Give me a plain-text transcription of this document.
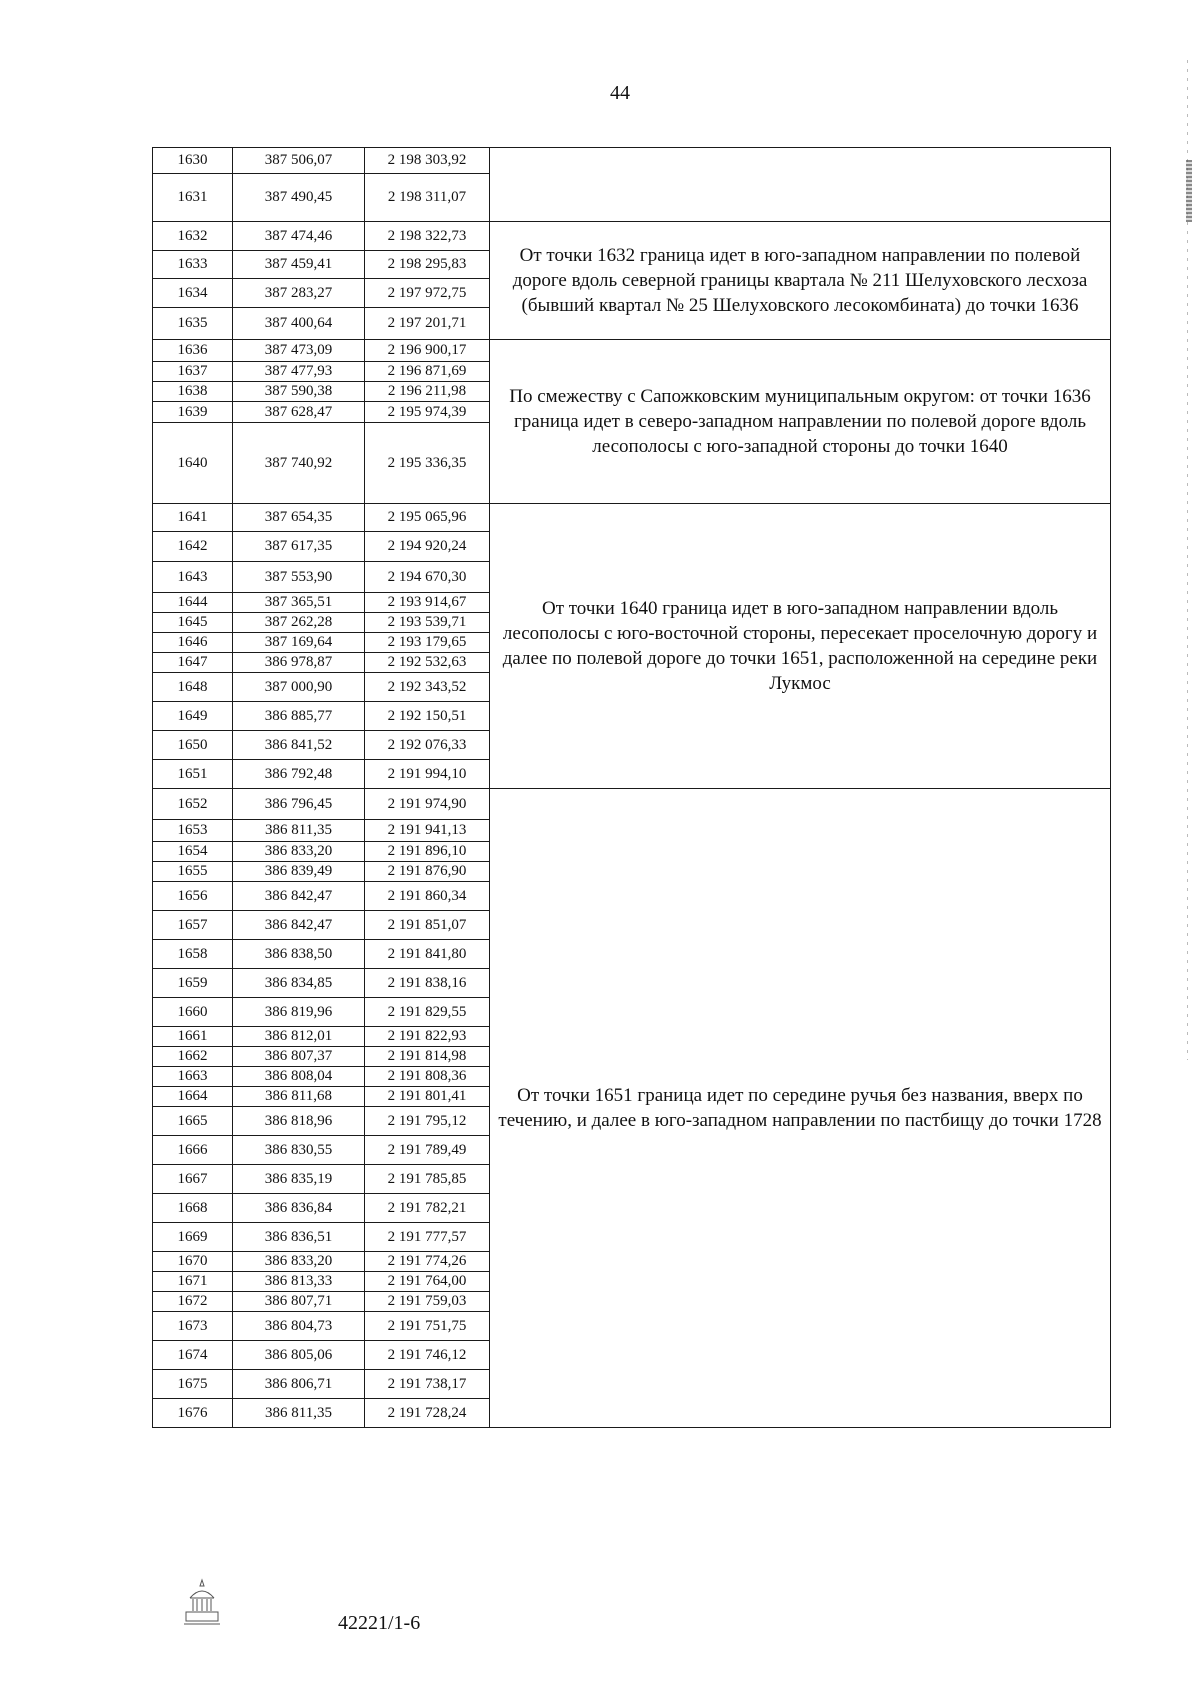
44
1630	387 506,07	2 198 303,92	
1631	387 490,45	2 198 311,07	
1632	387 474,46	2 198 322,73	От точки 1632 граница идет в юго-западном направлении по полевой дороге вдоль северной границы квартала № 211 Шелуховского лесхоза (бывший квартал № 25 Шелуховского лесокомбината) до точки 1636
1633	387 459,41	2 198 295,83	
1634	387 283,27	2 197 972,75	
1635	387 400,64	2 197 201,71	
1636	387 473,09	2 196 900,17	По смежеству с Сапожковским муниципальным округом: от точки 1636 граница идет в северо-западном направлении по полевой дороге вдоль лесополосы с юго-западной стороны до точки 1640
1637	387 477,93	2 196 871,69	
1638	387 590,38	2 196 211,98	
1639	387 628,47	2 195 974,39	
1640	387 740,92	2 195 336,35	
1641	387 654,35	2 195 065,96	От точки 1640 граница идет в юго-западном направлении вдоль лесополосы с юго-восточной стороны, пересекает проселочную дорогу и далее по полевой дороге до точки 1651, расположенной на середине реки Лукмос
1642	387 617,35	2 194 920,24	
1643	387 553,90	2 194 670,30	
1644	387 365,51	2 193 914,67	
1645	387 262,28	2 193 539,71	
1646	387 169,64	2 193 179,65	
1647	386 978,87	2 192 532,63	
1648	387 000,90	2 192 343,52	
1649	386 885,77	2 192 150,51	
1650	386 841,52	2 192 076,33	
1651	386 792,48	2 191 994,10	
1652	386 796,45	2 191 974,90	От точки 1651 граница идет по середине ручья без названия, вверх по течению, и далее в юго-западном направлении по пастбищу до точки 1728
1653	386 811,35	2 191 941,13	
1654	386 833,20	2 191 896,10	
1655	386 839,49	2 191 876,90	
1656	386 842,47	2 191 860,34	
1657	386 842,47	2 191 851,07	
1658	386 838,50	2 191 841,80	
1659	386 834,85	2 191 838,16	
1660	386 819,96	2 191 829,55	
1661	386 812,01	2 191 822,93	
1662	386 807,37	2 191 814,98	
1663	386 808,04	2 191 808,36	
1664	386 811,68	2 191 801,41	
1665	386 818,96	2 191 795,12	
1666	386 830,55	2 191 789,49	
1667	386 835,19	2 191 785,85	
1668	386 836,84	2 191 782,21	
1669	386 836,51	2 191 777,57	
1670	386 833,20	2 191 774,26	
1671	386 813,33	2 191 764,00	
1672	386 807,71	2 191 759,03	
1673	386 804,73	2 191 751,75	
1674	386 805,06	2 191 746,12	
1675	386 806,71	2 191 738,17	
1676	386 811,35	2 191 728,24	
42221/1-6
